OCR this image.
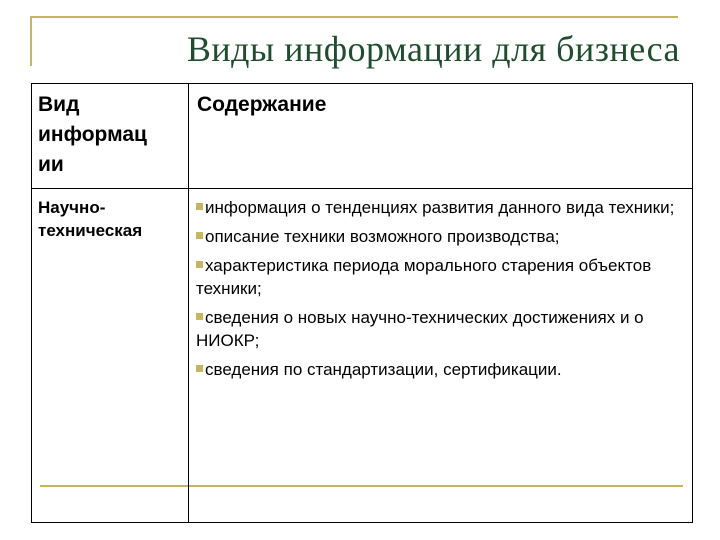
Виды информации для бизнеса
Вид информац ии
Содержание
Научно-техническая
информация о тенденциях развития данного вида техники;
описание техники возможного производства;
характеристика периода морального старения объектов техники;
сведения о новых научно-технических достижениях и о НИОКР;
сведения по стандартизации, сертификации.
